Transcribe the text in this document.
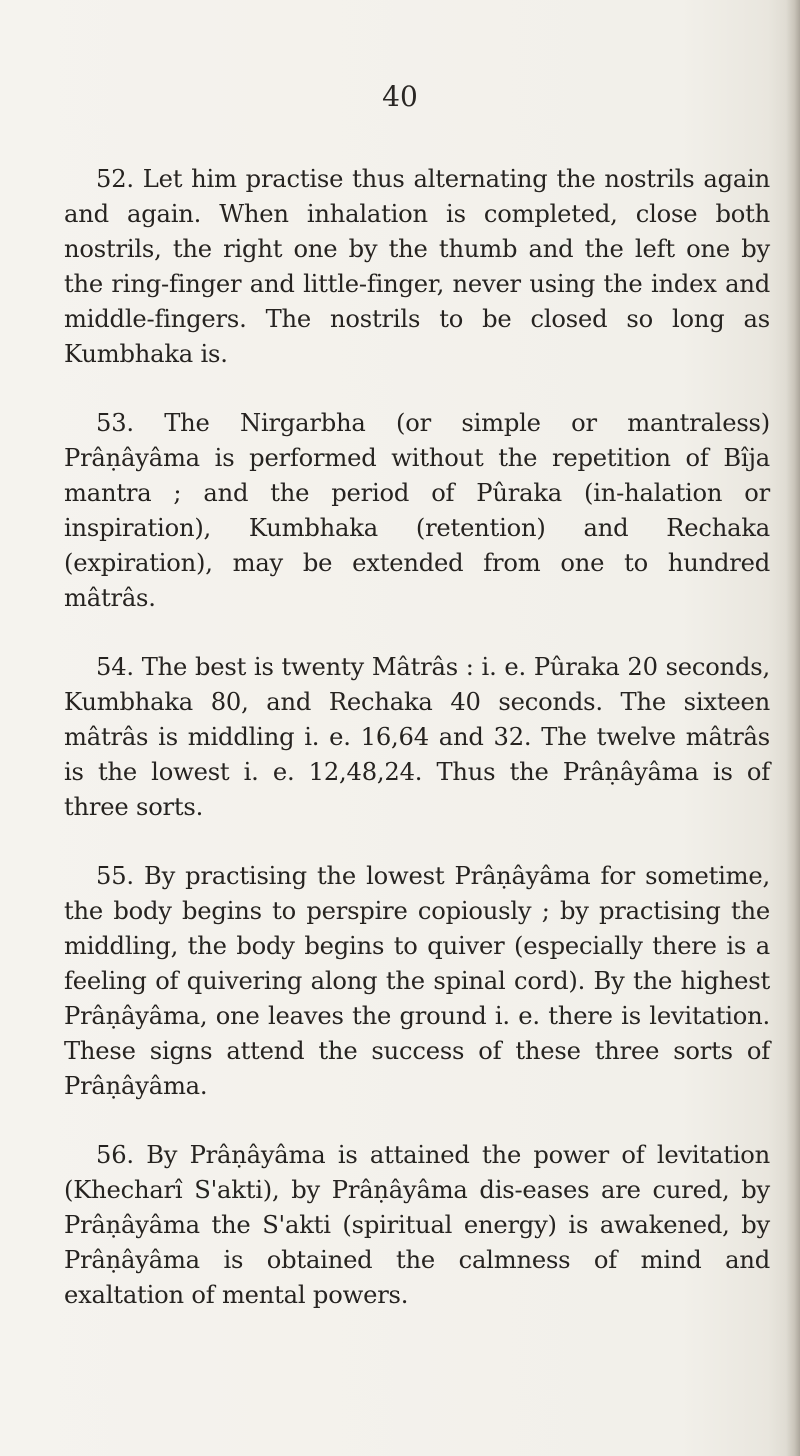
40

52. Let him practise thus alternating the nostrils again and again. When inhalation is completed, close both nostrils, the right one by the thumb and the left one by the ring-finger and little-finger, never using the index and middle-fingers. The nostrils to be closed so long as Kumbhaka is.

53. The Nirgarbha (or simple or mantraless) Prâṇâyâma is performed without the repetition of Bîja mantra ; and the period of Pûraka (in-halation or inspiration), Kumbhaka (retention) and Rechaka (expiration), may be extended from one to hundred mâtrâs.

54. The best is twenty Mâtrâs : i. e. Pûraka 20 seconds, Kumbhaka 80, and Rechaka 40 seconds. The sixteen mâtrâs is middling i. e. 16,64 and 32. The twelve mâtrâs is the lowest i. e. 12,48,24. Thus the Prâṇâyâma is of three sorts.

55. By practising the lowest Prâṇâyâma for sometime, the body begins to perspire copiously ; by practising the middling, the body begins to quiver (especially there is a feeling of quivering along the spinal cord). By the highest Prâṇâyâma, one leaves the ground i. e. there is levitation. These signs attend the success of these three sorts of Prâṇâyâma.

56. By Prâṇâyâma is attained the power of levitation (Khecharî S'akti), by Prâṇâyâma dis-eases are cured, by Prâṇâyâma the S'akti (spiritual energy) is awakened, by Prâṇâyâma is obtained the calmness of mind and exaltation of mental powers.
